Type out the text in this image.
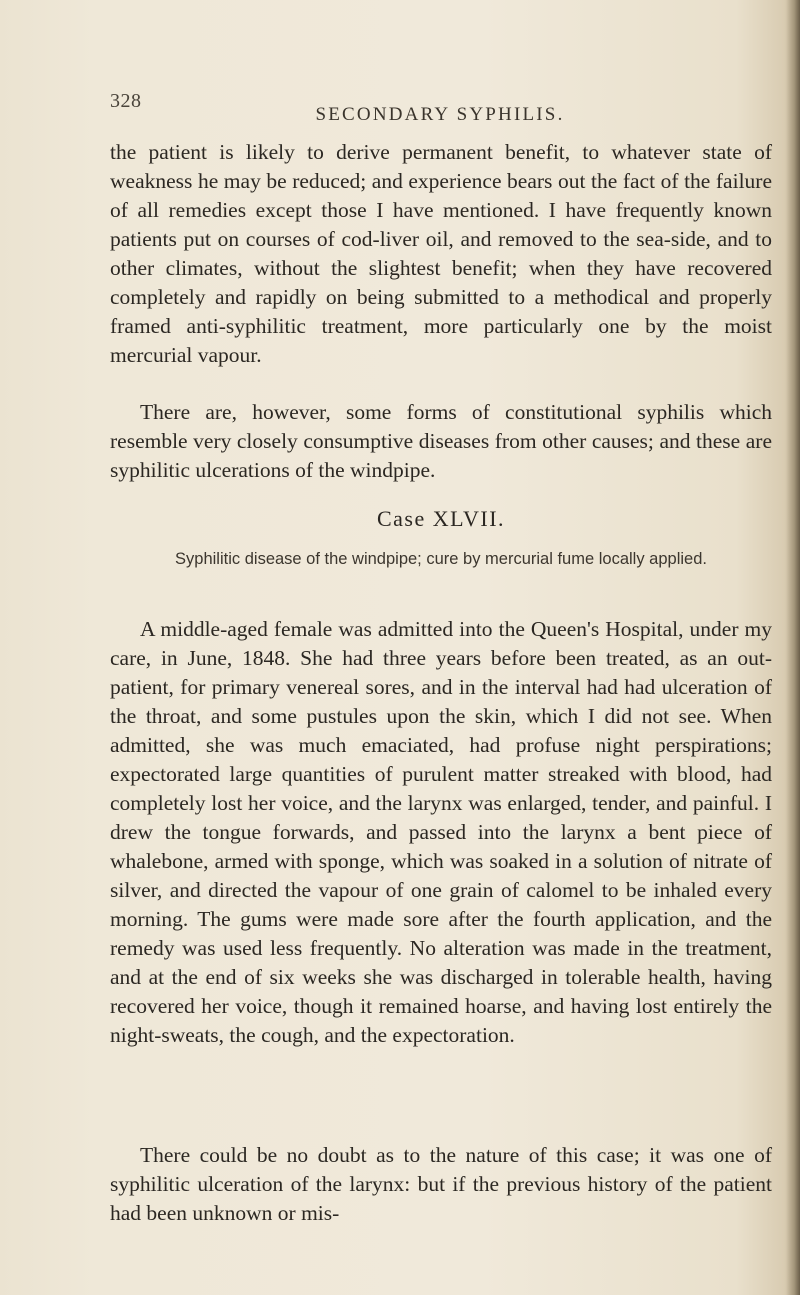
328
SECONDARY SYPHILIS.

the patient is likely to derive permanent benefit, to whatever state of weakness he may be reduced; and experience bears out the fact of the failure of all remedies except those I have mentioned. I have frequently known patients put on courses of cod-liver oil, and removed to the sea-side, and to other climates, without the slightest benefit; when they have recovered completely and rapidly on being submitted to a methodical and properly framed anti-syphilitic treatment, more particularly one by the moist mercurial vapour.

There are, however, some forms of constitutional syphilis which resemble very closely consumptive diseases from other causes; and these are syphilitic ulcerations of the windpipe.

Case XLVII.
Syphilitic disease of the windpipe; cure by mercurial fume locally applied.

A middle-aged female was admitted into the Queen's Hospital, under my care, in June, 1848. She had three years before been treated, as an out-patient, for primary venereal sores, and in the interval had had ulceration of the throat, and some pustules upon the skin, which I did not see. When admitted, she was much emaciated, had profuse night perspirations; expectorated large quantities of purulent matter streaked with blood, had completely lost her voice, and the larynx was enlarged, tender, and painful. I drew the tongue forwards, and passed into the larynx a bent piece of whalebone, armed with sponge, which was soaked in a solution of nitrate of silver, and directed the vapour of one grain of calomel to be inhaled every morning. The gums were made sore after the fourth application, and the remedy was used less frequently. No alteration was made in the treatment, and at the end of six weeks she was discharged in tolerable health, having recovered her voice, though it remained hoarse, and having lost entirely the night-sweats, the cough, and the expectoration.

There could be no doubt as to the nature of this case; it was one of syphilitic ulceration of the larynx: but if the previous history of the patient had been unknown or mis-
